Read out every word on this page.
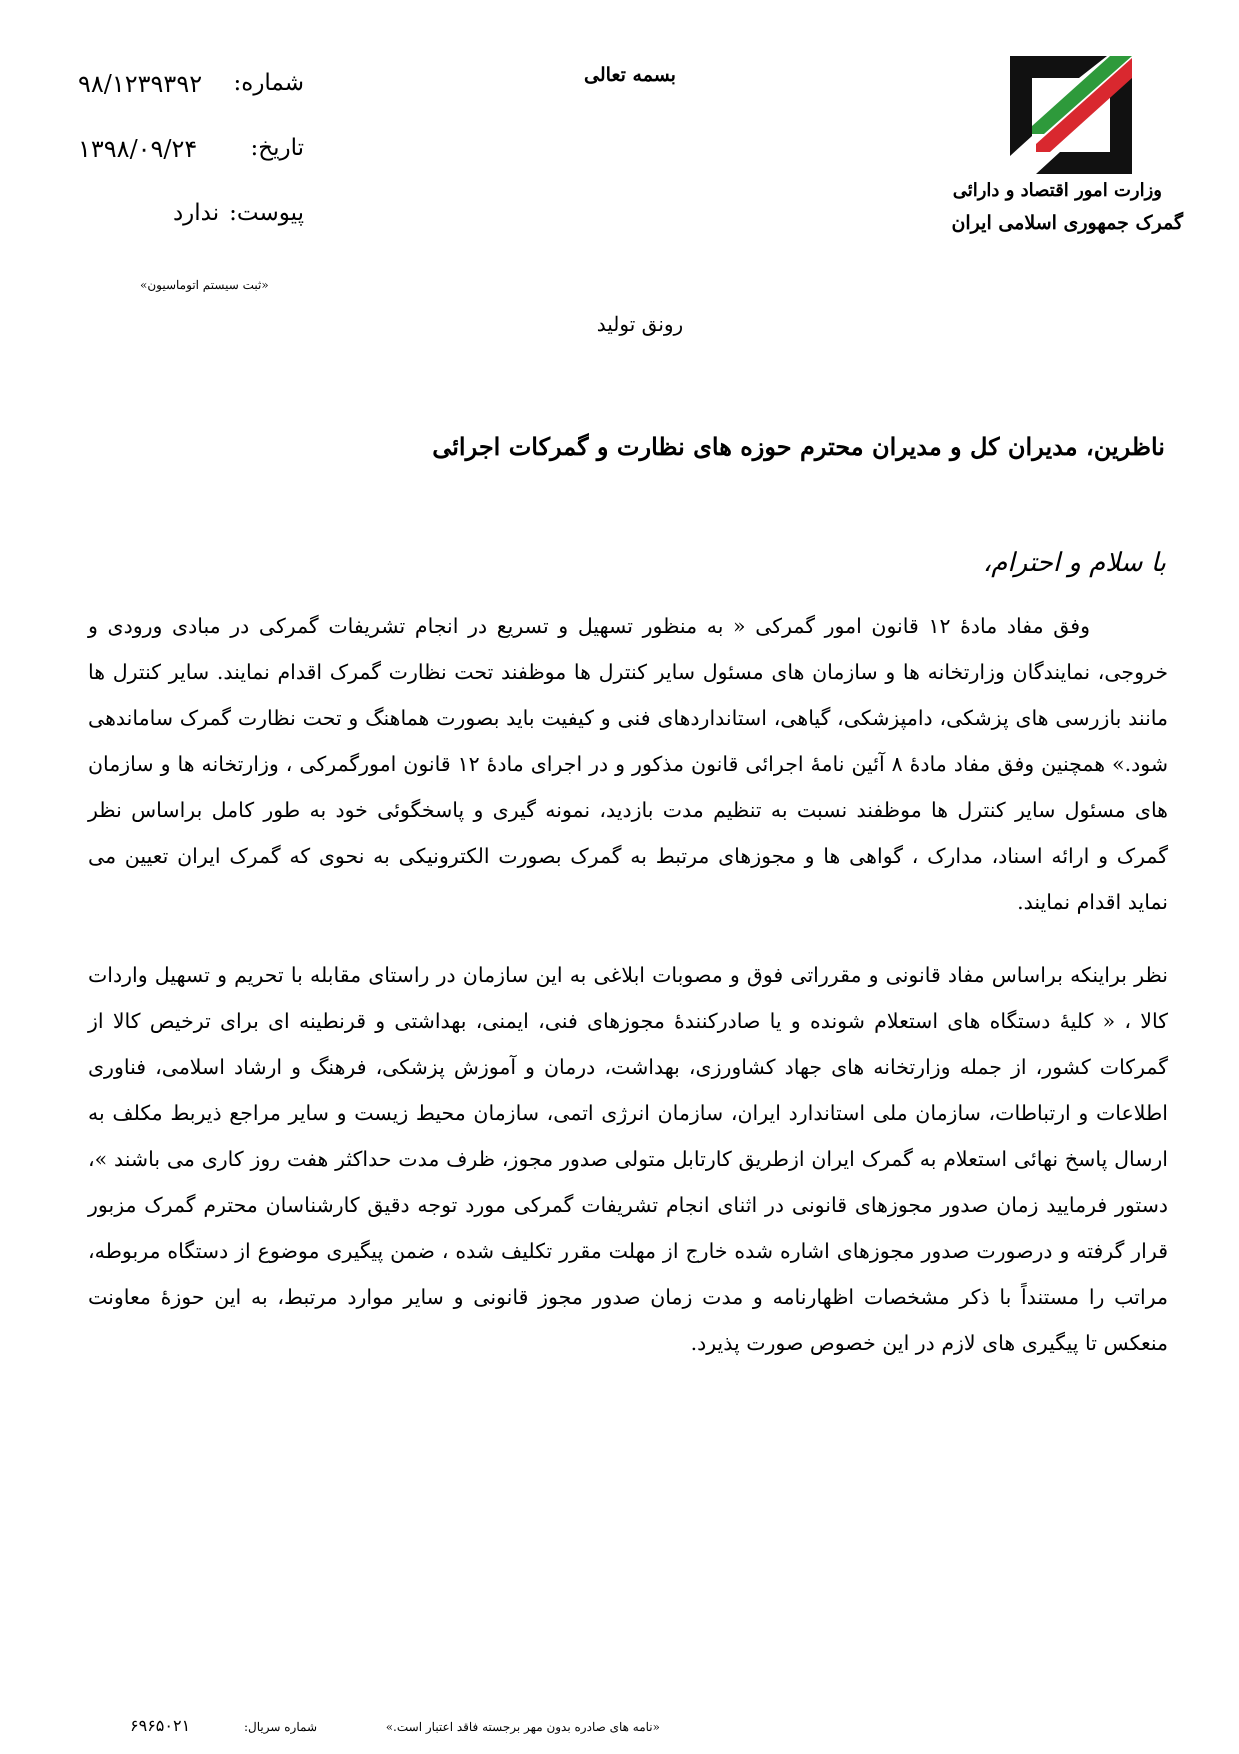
بسمه تعالی
شماره:
۹۸/۱۲۳۹۳۹۲
تاریخ:
۱۳۹۸/۰۹/۲۴
پیوست:
ندارد
«ثبت سیستم اتوماسیون»
وزارت امور اقتصاد و دارائی
گمرک جمهوری اسلامی ایران
رونق تولید
ناظرین، مدیران کل و مدیران محترم حوزه های نظارت و گمرکات اجرائی
با سلام و احترام،
وفق مفاد مادهٔ ۱۲ قانون امور گمرکی « به منظور تسهیل و تسریع در انجام تشریفات گمرکی در مبادی ورودی و خروجی، نمایندگان وزارتخانه ها و سازمان های مسئول سایر کنترل ها موظفند تحت نظارت گمرک اقدام نمایند. سایر کنترل ها مانند بازرسی های پزشکی، دامپزشکی، گیاهی، استانداردهای فنی و کیفیت باید بصورت هماهنگ و تحت نظارت گمرک ساماندهی شود.» همچنین وفق مفاد مادهٔ ۸ آئین نامهٔ اجرائی قانون مذکور و در اجرای مادهٔ ۱۲ قانون امورگمرکی ، وزارتخانه ها و سازمان های مسئول سایر کنترل ها موظفند نسبت به تنظیم مدت بازدید، نمونه گیری و پاسخگوئی خود به طور کامل براساس نظر گمرک و ارائه اسناد، مدارک ، گواهی ها و مجوزهای مرتبط به گمرک بصورت الکترونیکی به نحوی که گمرک ایران تعیین می نماید اقدام نمایند.
نظر براینکه براساس مفاد قانونی و مقرراتی فوق و مصوبات ابلاغی به این سازمان در راستای مقابله با تحریم و تسهیل واردات کالا ، « کلیهٔ دستگاه های استعلام شونده و یا صادرکنندهٔ مجوزهای فنی، ایمنی، بهداشتی و قرنطینه ای برای ترخیص کالا از گمرکات کشور، از جمله وزارتخانه های جهاد کشاورزی، بهداشت، درمان و آموزش پزشکی، فرهنگ و ارشاد اسلامی، فناوری اطلاعات و ارتباطات، سازمان ملی استاندارد ایران، سازمان انرژی اتمی، سازمان محیط زیست و سایر مراجع ذیربط مکلف به ارسال پاسخ نهائی استعلام به گمرک ایران ازطریق کارتابل متولی صدور مجوز، ظرف مدت حداکثر هفت روز کاری می باشند »، دستور فرمایید زمان صدور مجوزهای قانونی در اثنای انجام تشریفات گمرکی مورد توجه دقیق کارشناسان محترم گمرک مزبور قرار گرفته و درصورت صدور مجوزهای اشاره شده خارج از مهلت مقرر تکلیف شده ، ضمن پیگیری موضوع از دستگاه مربوطه، مراتب را مستنداً با ذکر مشخصات اظهارنامه و مدت زمان صدور مجوز قانونی و سایر موارد مرتبط، به این حوزهٔ معاونت منعکس تا پیگیری های لازم در این خصوص صورت پذیرد.
«نامه های صادره بدون مهر برجسته فاقد اعتبار است.»
شماره سریال:
۶۹۶۵۰۲۱
